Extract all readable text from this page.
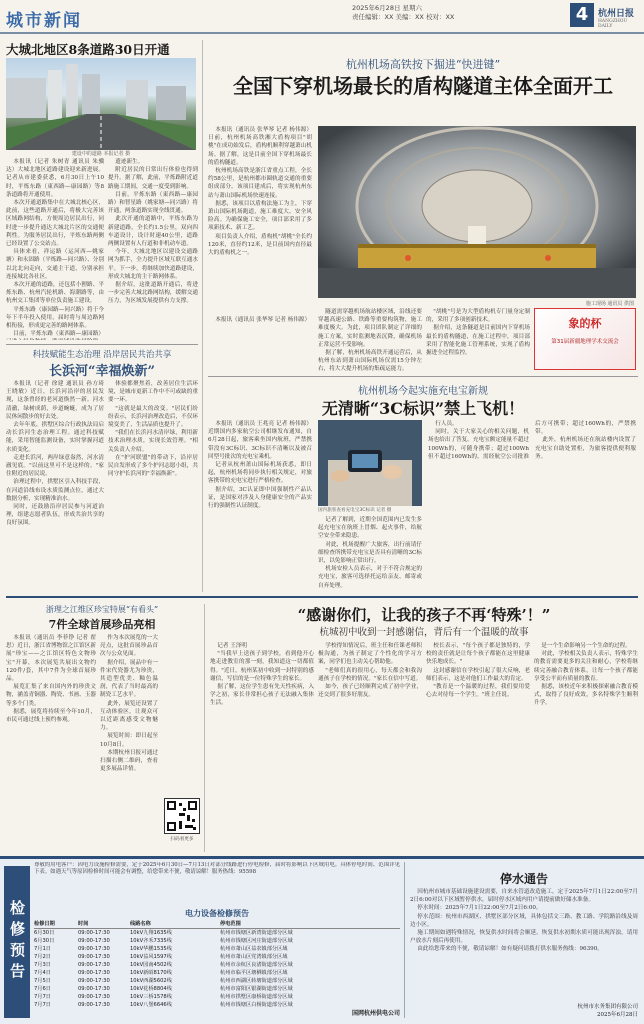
城市新闻
2025年6月28日 星期六
责任编辑：XX 美编：XX 校对：XX	4	杭州日报
HANGZHOU DAILY
大城北地区8条道路30日开通
建设中的道路 本报记者 摄

本报讯（记者 朱树青 通讯员 朱骥达）大城北地区道路建设迎来新进展。记者从市建委获悉，6月30日上午10时，平炼东路（東西路—康园路）等8条道路将开通使用。

本次开通道路集中在大城北核心区，此前，这些道路开通后，将极大完善该区域路网结构，方便周边居民出行，同时进一步提升通达大城北片区的交通便利性。为服务居民出行，平炼东路两侧已经设置了公交站点。

具体来看，祥运路（运河西—姚家塘）和永固路（平炼路—同兴路）、分别以北北向走向，交通主干道，分别承担连接城北各社区。

本次开通的道路，还包括小狸路、平炼东路、杭州汽轮机路、海潮路等，由杭州交工集团等单位负责施工建设。

平炼东路（康园路—同兴路）将于今年下半年投入使用，届时将与周边路网相衔接，形成更完善的路网体系。

目前，平炼东路（東西路—康园路）

遗迹新生。

附近居民的日常出行体验也得到提升。据了解，此前，平炼路附近道路施工期间，交通一度受到影响。

目前，平炼东路（東西路—康园路）和智星路（姚家塘—同兴路）将开通，两条道路实现全线贯通。

此次开通的道路中，平炼东路为新建道路，全长约1.5公里，双向四车道设计，设计时速40公里，道路两侧设置有人行道和非机动车道。

今年，大城北地区以建设交通路网为抓手，全力提升区域互联互通水平。下一步，将继续加快道路建设，形成大城北的主干路网体系。

据介绍，这批道路开通后，将进一步完善大城北路网结构，缓解交通压力，为区域发展提供有力支撑。

科技赋能生态治理 沿岸居民共治共享
长浜河“幸福焕新”

本报讯（记者 徐建 通讯员 孙方琦 王晓敏）近日，长浜河沿岸的居民发现，这条曾经的老河道焕然一新。河水清澈，绿树成荫，步道蜿蜒，成为了居民休闲散步的好去处。

去年年底，拱墅区综合行政执法局启动长浜河生态治理工程。通过科技赋能，采用智能监测设备，实时掌握河道水质变化。

走进长浜河，两岸绿意盎然，河水清澈见底。"以前这里可不是这样的。"家住附近的居民说。

治理过程中，拱墅区引入科技手段，在河道沿线布设水质监测点位，通过大数据分析，实现精准治水。

同时，还鼓励沿岸居民参与河道治理，组建志愿者队伍，形成共治共享的良好氛围。

体验都聚焦着，改善居住生活环境，是城市更新工作中不可或缺的重要一环。

"这就是最大的改变。"居民们纷纷表示，长浜河治理改造后，不仅环境变美了，生活品质也提升了。

"我们在长浜河水清岸绿，利用新技术治理水质，实现长效管理。"相关负责人介绍。

在"护河联盟"的带动下，沿岸居民自发形成了多个护河志愿小组，共同守护长浜河的"幸福焕新"。

杭州机场高铁按下掘进“快进键”
全国下穿机场最长的盾构隧道主体全面开工

本报讯（通讯员 张华琴 记者 杨伟源）日前，杭州机场高铁湘大盾构项目"胡桃"在成功始发后，盾构机顺利穿越萧山机场。据了解，这是目前全国下穿机场最长的盾构隧道。

杭州机场高铁是浙江省重点工程，全长约58公里，是杭州都市圈轨道交通的重要组成部分。该项目建成后，将实现杭州东站与萧山国际机场快速连接。

据悉，该项目以盾构法施工为主，下穿萧山国际机场跑道，施工难度大、安全风险高。为确保施工安全，项目部采用了多项新技术、新工艺。

项目负责人介绍，盾构机"胡桃"全长约120米，直径约12米，是目前国内直径最大的盾构机之一。

施工现场 通讯员 供图

本报讯（通讯员 张华琴 记者 杨伟源）

隧道需穿越机场航站楼区域，沿线还要穿越高速公路、铁路等重要构筑物，施工难度极大。为此，项目团队制定了详细的施工方案，实时监测地表沉降，确保机场正常运营不受影响。

据了解，杭州机场高铁开通运营后，从杭州东站到萧山国际机场仅需15分钟左右，将大大提升机场的集疏运能力。

"胡桃"号是为大型盾构机专门量身定制的，采用了多项创新技术。

据介绍，这条隧道是目前国内下穿机场最长的盾构隧道，在施工过程中，项目部采用了智能化施工管理系统，实现了盾构掘进全过程监控。

象的杯
第31届新疆地理学术交流会
杭州机场今起实施充电宝新规
无清晰“3C标识”禁上飞机！

本报讯（通讯员 王兆亮 记者 杨伟源）近期国内多家航空公司相继发布通知，自6月28日起，旅客乘坐国内航班，严禁携带没有3C标识、3C标识不清晰以及被召回型号批次的充电宝乘机。

记者从杭州萧山国际机场获悉，即日起，杭州机场将同步执行相关规定，对旅客携带的充电宝进行严格检查。

据介绍，3C认证即中国强制性产品认证，是国家对涉及人身健康安全的产品实行的强制性认证制度。

国内旅客查看充电宝3C标识 记者 摄

记者了解到，近期全国范围内已发生多起充电宝在航班上冒烟、起火事件，给航空安全带来隐患。

对此，机场提醒广大旅客，出行前请仔细检查所携带充电宝是否具有清晰的3C标识，以免影响正常出行。

机场安检人员表示，对于不符合规定的充电宝，旅客可选择托运给亲友、邮寄或自弃处理。

行人员。

同时，关于大家关心的相关问题，机场也给出了答复。充电宝额定能量不超过100Wh的，可随身携带；超过100Wh但不超过160Wh的，需经航空公司批准后方可携带；超过160Wh的，严禁携带。

此外，杭州机场还在航站楼内设置了充电宝自助处置柜，为旅客提供便利服务。

浙理之江维区珍宝特展“有看头”
7件全球首展珍品亮相

本报讯（通讯员 李菲铮 记者 翟思）近日，浙江省博物馆之江馆区新展"珍宝——之江馆区特色文物珍宝"开幕，本次展览共展出文物约120件/套，其中7件为全球首展珍品。

展览汇集了来自国内外的珍贵文物，涵盖青铜器、陶瓷、书画、玉器等多个门类。

据悉，展览将持续至今年10月，市民可通过线上预约参观。

作为本次展览的一大亮点，这批首展珍品首次与公众见面。

据介绍，展品中有一件宋代瓷器尤为珍贵，其造型优美、釉色温润，代表了当时最高的制瓷工艺水平。

此外，展览还设置了互动体验区，让观众可以近距离感受文物魅力。

展览时间：即日起至10月8日。

本期杭州日报可通过扫描右侧二维码，查看更多展品详情。

扫码看更多
“感谢你们，让我的孩子不再‘特殊’！”
杭城初中收到一封感谢信，背后有一个温暖的故事

记者 王泽明

"当我早上送孩子到学校，看到他开心地走进教室的那一刻，我知道这一切都值得。"近日，杭州某初中收到一封特别的感谢信，写信的是一位特殊学生的家长。

据了解，这位学生患有先天性疾病，入学之初，家长非常担心孩子无法融入集体生活。

学校得知情况后，班主任和任课老师积极沟通，为孩子制定了个性化的学习方案，同学们也主动关心帮助他。

"老师们真的很用心，每天都会和我沟通孩子在学校的情况。"家长在信中写道。

如今，孩子已经顺利完成了初中学业，还交到了很多好朋友。

校长表示，"每个孩子都是独特的，学校的责任就是让每个孩子都能在这里健康快乐地成长。"

这封感谢信在学校引起了很大反响，老师们表示，这是对他们工作最大的肯定。

"教育是一个温暖的过程，我们要用爱心去对待每一个学生。"班主任说。

是一个生命影响另一个生命的过程。

对此，学校相关负责人表示，特殊学生的教育需要更多的关注和耐心，学校将继续完善融合教育体系，让每一个孩子都能享受公平而有质量的教育。

据悉，该校近年来积极探索融合教育模式，取得了良好成效，多名特殊学生顺利升学。

检修预告
尊敬的用电客户：因电力设施检修需要，定于2025年6月30日—7月13日对部分线路进行停电检修，届时将影响以下区域用电。具体停电时间、范围详见下表。如遇天气等原因检修时间可能会有调整，给您带来不便，敬请谅解！服务热线：95598
电力设备检修预告
检修日期	时间	线路名称	停电范围
6月30日	09:00-17:30	10kV九翔1635线	杭州市钱塘区新湾街道部分区域
6月30日	09:00-17:30	10kV齐禾7335线	杭州市钱塘区河庄街道部分区域
7月1日	09:00-17:30	10kV华鹏1535线	杭州市萧山区益农镇部分区域
7月2日	09:00-17:30	10kV益风1597线	杭州市萧山区党湾镇部分区域
7月3日	09:00-17:30	10kV园南4502线	杭州市余杭区良渚街道部分区域
7月4日	09:00-17:30	10kV新昭8170线	杭州市临平区塘栖镇部分区域
7月5日	09:00-17:30	10kV西湖5602线	杭州市西湖区转塘街道部分区域
7月6日	09:00-17:30	10kV花桥8804线	杭州市富阳区银湖街道部分区域
7月7日	09:00-17:30	10kV三桥1578线	杭州市拱墅区康桥街道部分区域
7月7日	09:00-17:30	10kV八堡6646线	杭州市钱塘区白杨街道部分区域
国网杭州供电公司
停水通告

因杭州市城市基础设施建设需要，自来水管道改造施工，定于2025年7月1日22:00至7月2日6:00对以下区域暂停供水，届时停水区域内用户请提前做好储水准备。

停水时间：2025年7月1日22:00至7月2日6:00。

停水范围：杭州市西湖区、拱墅区部分区域，具体包括文三路、教工路、学院路沿线及周边小区。

施工期间如遇特殊情况，恢复供水时间将会顺延。恢复供水初期水质可能出现浑浊，请用户放水片刻后再使用。

由此给您带来的不便，敬请谅解！如有疑问请拨打供水服务热线：96390。

杭州市水务集团有限公司
2025年6月28日
